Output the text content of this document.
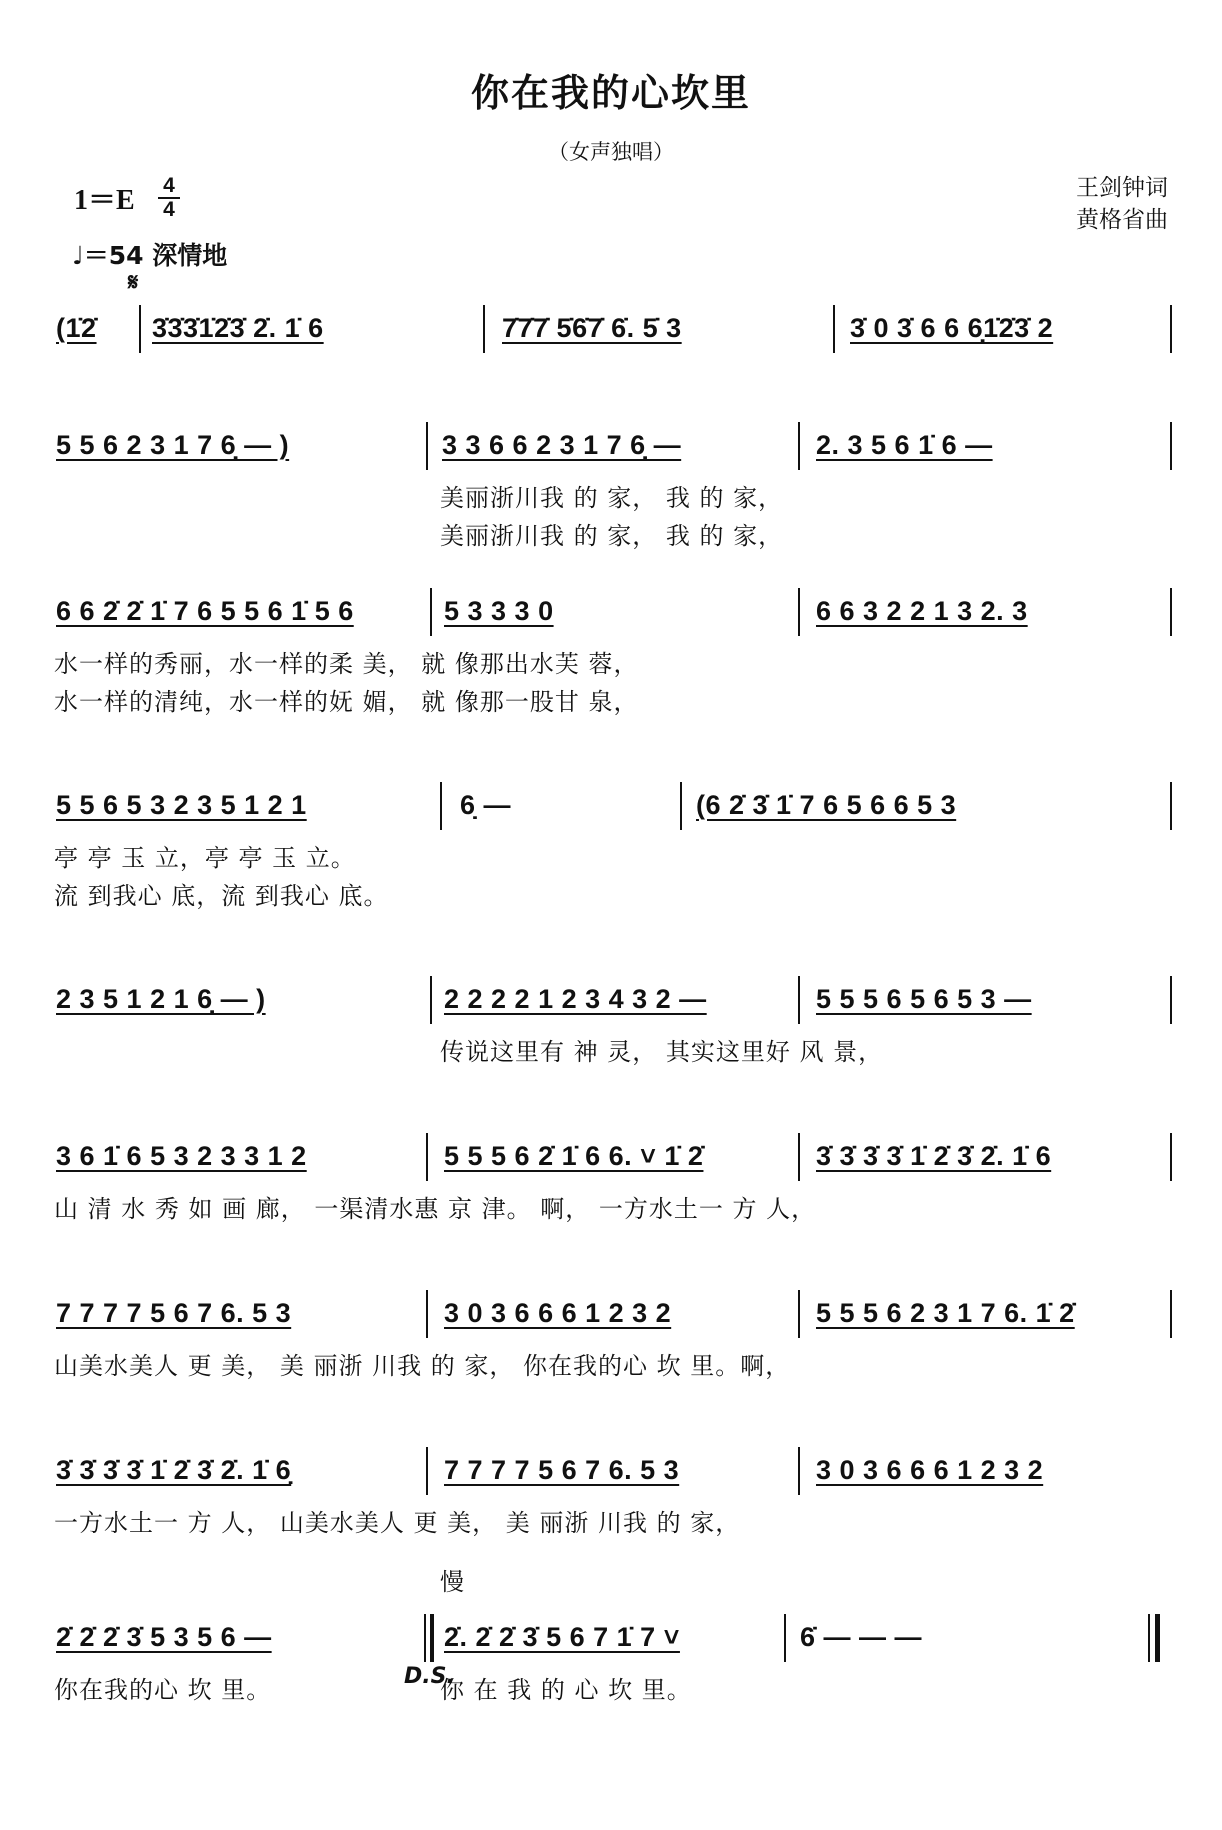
你在我的心坎里
（女声独唱）
王剑钟词
黄格省曲
1＝E 4
4
♩＝54 深情地
𝄋
(1̇2̇ 3̇3̇3̇1̇2̇3̇ 2̇. 1̇ 6	7̇7̇7̇ 5̇6̇7̇ 6̇. 5̇ 3	3̇ 0 3̇ 6 6 6̣1̇2̇3̇ 2
5 5 6 2 3 1 7 6̣ — )	3 3 6 6 2 3 1 7 6̣ —	2. 3 5 6 1̇ 6 —
美丽浙川我 的 家， 我 的 家，
美丽浙川我 的 家， 我 的 家，
6 6 2̇ 2̇ 1̇ 7 6 5 5 6 1̇ 5 6	5 3 3 3 0	6 6 3 2 2 1 3 2. 3
水一样的秀丽，水一样的柔 美， 就 像那出水芙 蓉，
水一样的清纯，水一样的妩 媚， 就 像那一股甘 泉，
5 5 6 5 3 2 3 5 1 2 1	6̣ —	(6 2̇ 3̇ 1̇ 7 6 5 6 6 5 3
亭 亭 玉 立，亭 亭 玉 立。
流 到我心 底，流 到我心 底。
2 3 5 1 2 1 6̣ — )	2 2 2 2 1 2 3 4 3 2 —	5 5 5 6 5 6 5 3 —
传说这里有 神 灵， 其实这里好 风 景，
3 6 1̇ 6 5 3 2 3 3 1 2	5 5 5 6 2̇ 1̇ 6 6. ˅ 1̇ 2̇	3̇ 3̇ 3̇ 3̇ 1̇ 2̇ 3̇ 2̇. 1̇ 6
山 清 水 秀 如 画 廊， 一渠清水惠 京 津。 啊， 一方水土一 方 人，
7 7 7 7 5 6 7 6. 5 3	3 0 3 6 6 6 1 2 3 2	5 5 5 6 2 3 1 7 6. 1̇ 2̇
山美水美人 更 美， 美 丽浙 川我 的 家， 你在我的心 坎 里。啊，
3̇ 3̇ 3̇ 3̇ 1̇ 2̇ 3̇ 2̇. 1̇ 6̣	7 7 7 7 5 6 7 6. 5 3	3 0 3 6 6 6 1 2 3 2
一方水土一 方 人， 山美水美人 更 美， 美 丽浙 川我 的 家，
2̇ 2̇ 2̇ 3̇ 5 3 5 6 —	2̇. 2̇ 2̇ 3̇ 5 6 7 1̇ 7 ˅	6̇ — — —
你在我的心 坎 里。	你 在 我 的 心 坎 里。
D.S.
慢
